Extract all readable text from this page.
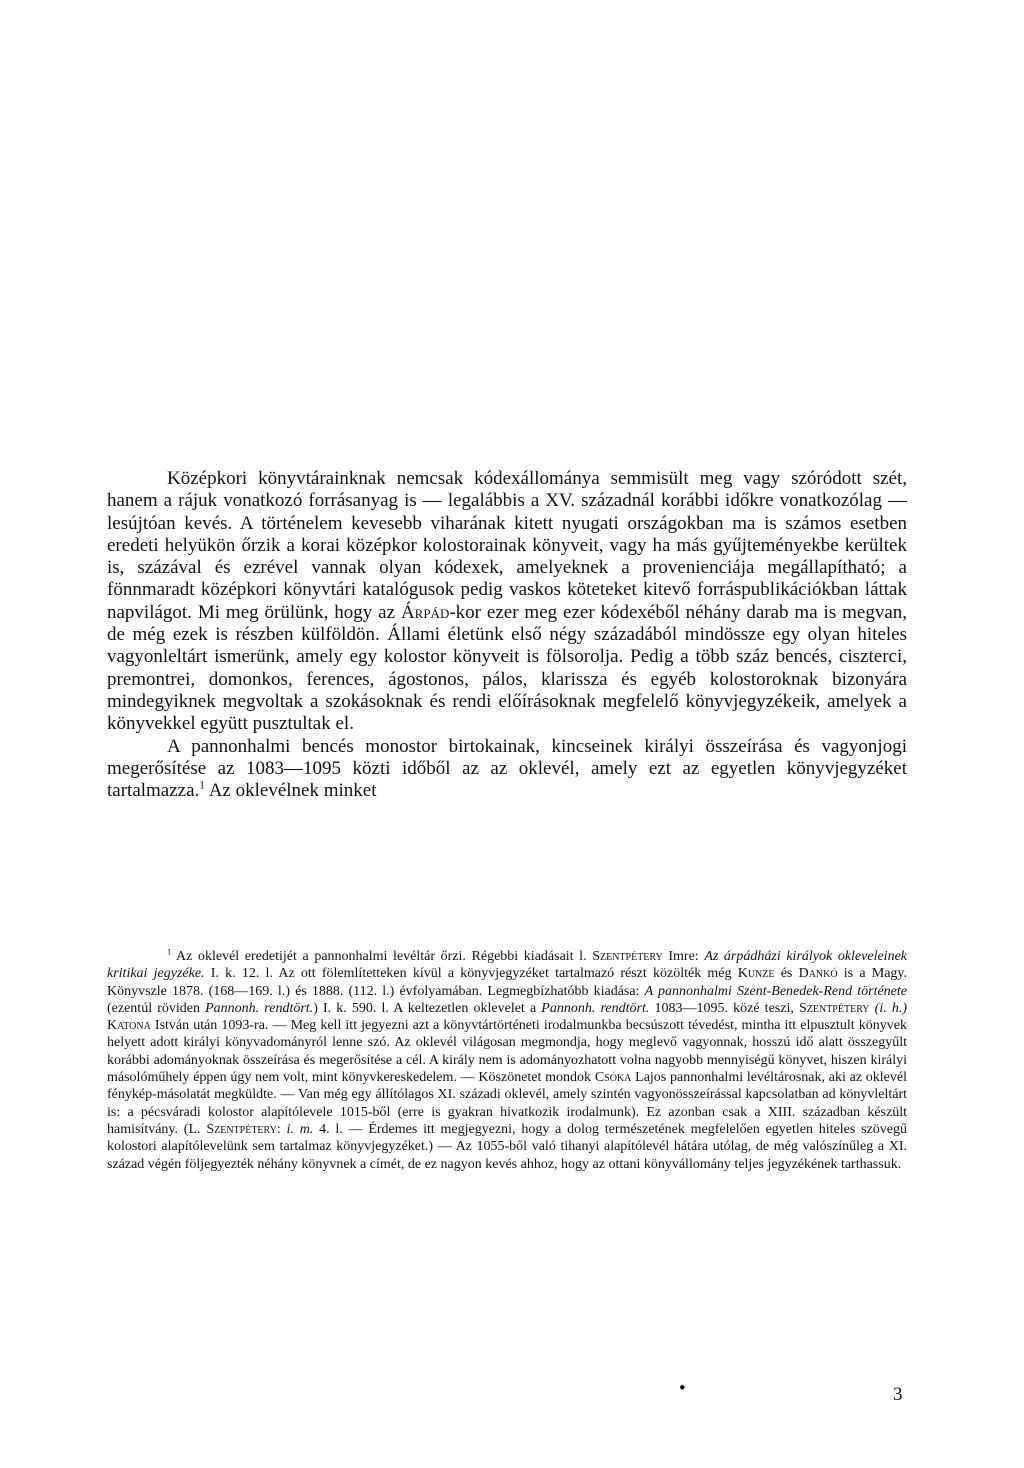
Középkori könyvtárainknak nemcsak kódexállománya semmisült meg vagy szóródott szét, hanem a rájuk vonatkozó forrásanyag is — legalábbis a XV. századnál korábbi időkre vonatkozólag — lesújtóan kevés. A történelem kevesebb viharának kitett nyugati országokban ma is számos esetben eredeti helyükön őrzik a korai középkor kolostorainak könyveit, vagy ha más gyűjteményekbe kerültek is, százával és ezrével vannak olyan kódexek, amelyeknek a provenienciája megállapítható; a fönnmaradt középkori könyvtári katalógusok pedig vaskos köteteket kitevő forráspublikációkban láttak napvilágot. Mi meg örülünk, hogy az Árpád-kor ezer meg ezer kódexéből néhány darab ma is megvan, de még ezek is részben külföldön. Állami életünk első négy századából mindössze egy olyan hiteles vagyonleltárt ismerünk, amely egy kolostor könyveit is fölsorolja. Pedig a több száz bencés, ciszterci, premontrei, domonkos, ferences, ágostonos, pálos, klarissza és egyéb kolostoroknak bizonyára mindegyiknek megvoltak a szokásoknak és rendi előírásoknak megfelelő könyvjegyzékeik, amelyek a könyvekkel együtt pusztultak el.

A pannonhalmi bencés monostor birtokainak, kincseinek királyi összeírása és vagyonjogi megerősítése az 1083—1095 közti időből az az oklevél, amely ezt az egyetlen könyvjegyzéket tartalmazza.$^1$ Az oklevélnek minket

$^1$ Az oklevél eredetijét a pannonhalmi levéltár őrzi. Régebbi kiadásait l. Szentpétery Imre: Az árpádházi királyok okleveleinek kritikai jegyzéke. I. k. 12. l. Az ott fölemlítetteken kívül a könyvjegyzéket tartalmazó részt közölték még Kunze és Dankó is a Magy. Könyvszle 1878. (168—169. l.) és 1888. (112. l.) évfolyamában. Legmegbízhatóbb kiadása: A pannonhalmi Szent-Benedek-Rend története (ezentúl röviden Pannonh. rendtört.) I. k. 590. l. A keltezetlen oklevelet a Pannonh. rendtört. 1083—1095. közé teszi, Szentpétery (i. h.) Katona István után 1093-ra. — Meg kell itt jegyezni azt a könyvtártörténeti irodalmunkba becsúszott tévedést, mintha itt elpusztult könyvek helyett adott királyi könyvadományról lenne szó. Az oklevél világosan megmondja, hogy meglevő vagyonnak, hosszú idő alatt összegyűlt korábbi adományoknak összeírása és megerősítése a cél. A király nem is adományozhatott volna nagyobb mennyiségű könyvet, hiszen királyi másolóműhely éppen úgy nem volt, mint könyvkereskedelem. — Köszönetet mondok Csóka Lajos pannonhalmi levéltárosnak, aki az oklevél fénykép-másolatát megküldte. — Van még egy állítólagos XI. századi oklevél, amely szintén vagyonösszeírással kapcsolatban ad könyvleltárt is: a pécsváradi kolostor alapítólevele 1015-ből (erre is gyakran hivatkozik irodalmunk). Ez azonban csak a XIII. században készült hamisítvány. (L. Szentpétery: i. m. 4. l. — Érdemes itt megjegyezni, hogy a dolog természetének megfelelően egyetlen hiteles szövegű kolostori alapítólevelünk sem tartalmaz könyvjegyzéket.) — Az 1055-ből való tihanyi alapítólevél hátára utólag, de még valószínűleg a XI. század végén följegyezték néhány könyvnek a címét, de ez nagyon kevés ahhoz, hogy az ottani könyvállomány teljes jegyzékének tarthassuk.

•	3
